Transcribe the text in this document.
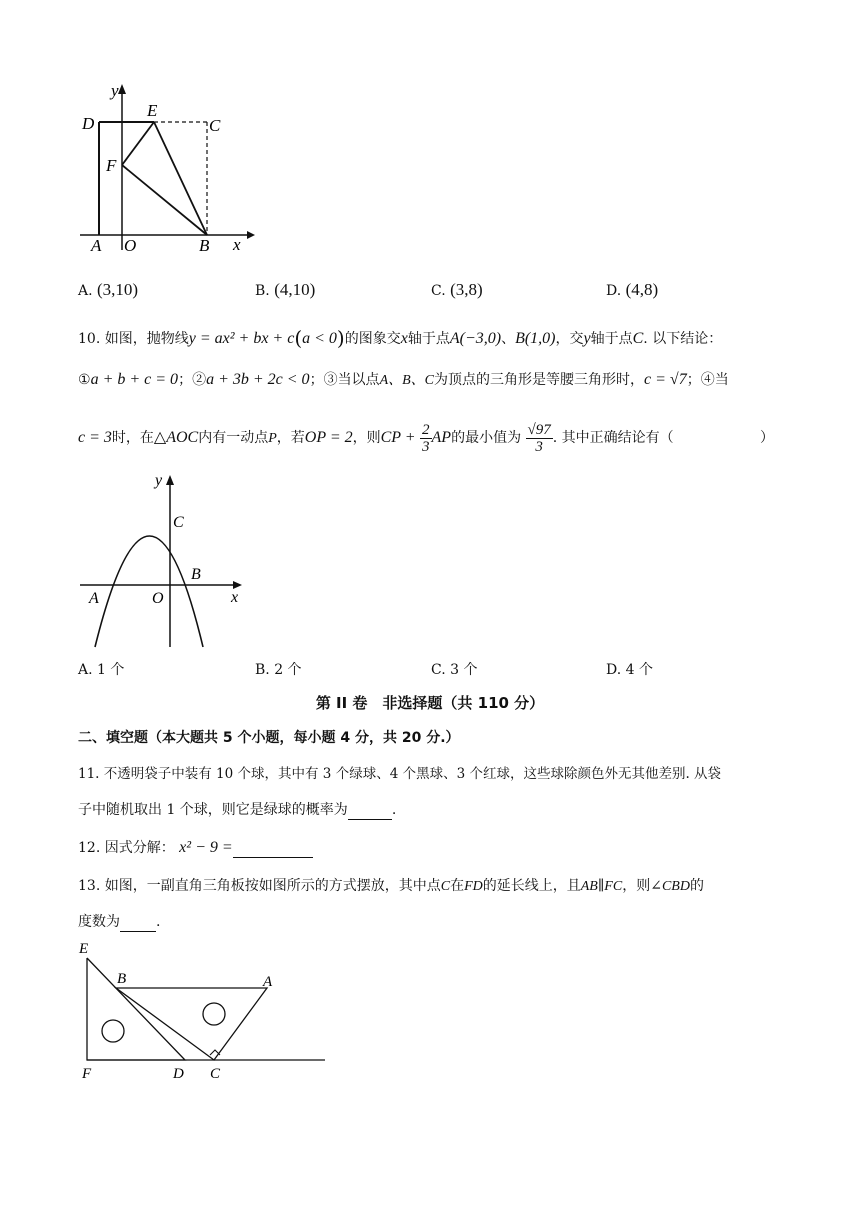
y
D
E
C
F
A O	B x
A. (3,10)	B. (4,10)	C. (3,8)	D. (4,8)
10. 如图，抛物线y = ax² + bx + c(a < 0)的图象交x轴于点A(−3,0)、B(1,0)，交y轴于点C. 以下结论：
①a + b + c = 0；②a + 3b + 2c < 0；③当以点A、B、C为顶点的三角形是等腰三角形时，c = √7；④当
c = 3时，在△AOC内有一动点P，若OP = 2，则CP + $\frac{2}{3}$ AP的最小值为 $\frac{√97}{3}$ . 其中正确结论有（	）
y
C
B
A	O	x
A. 1 个	B. 2 个	C. 3 个	D. 4 个
第 II 卷　非选择题（共 110 分）
二、填空题（本大题共 5 个小题，每小题 4 分，共 20 分.）
11. 不透明袋子中装有 10 个球，其中有 3 个绿球、4 个黑球、3 个红球，这些球除颜色外无其他差别. 从袋
子中随机取出 1 个球，则它是绿球的概率为	.
12. 因式分解： x² − 9 =
13. 如图，一副直角三角板按如图所示的方式摆放，其中点C在FD的延长线上，且AB∥FC，则∠CBD的
度数为	.
E
B	A
F	D C
